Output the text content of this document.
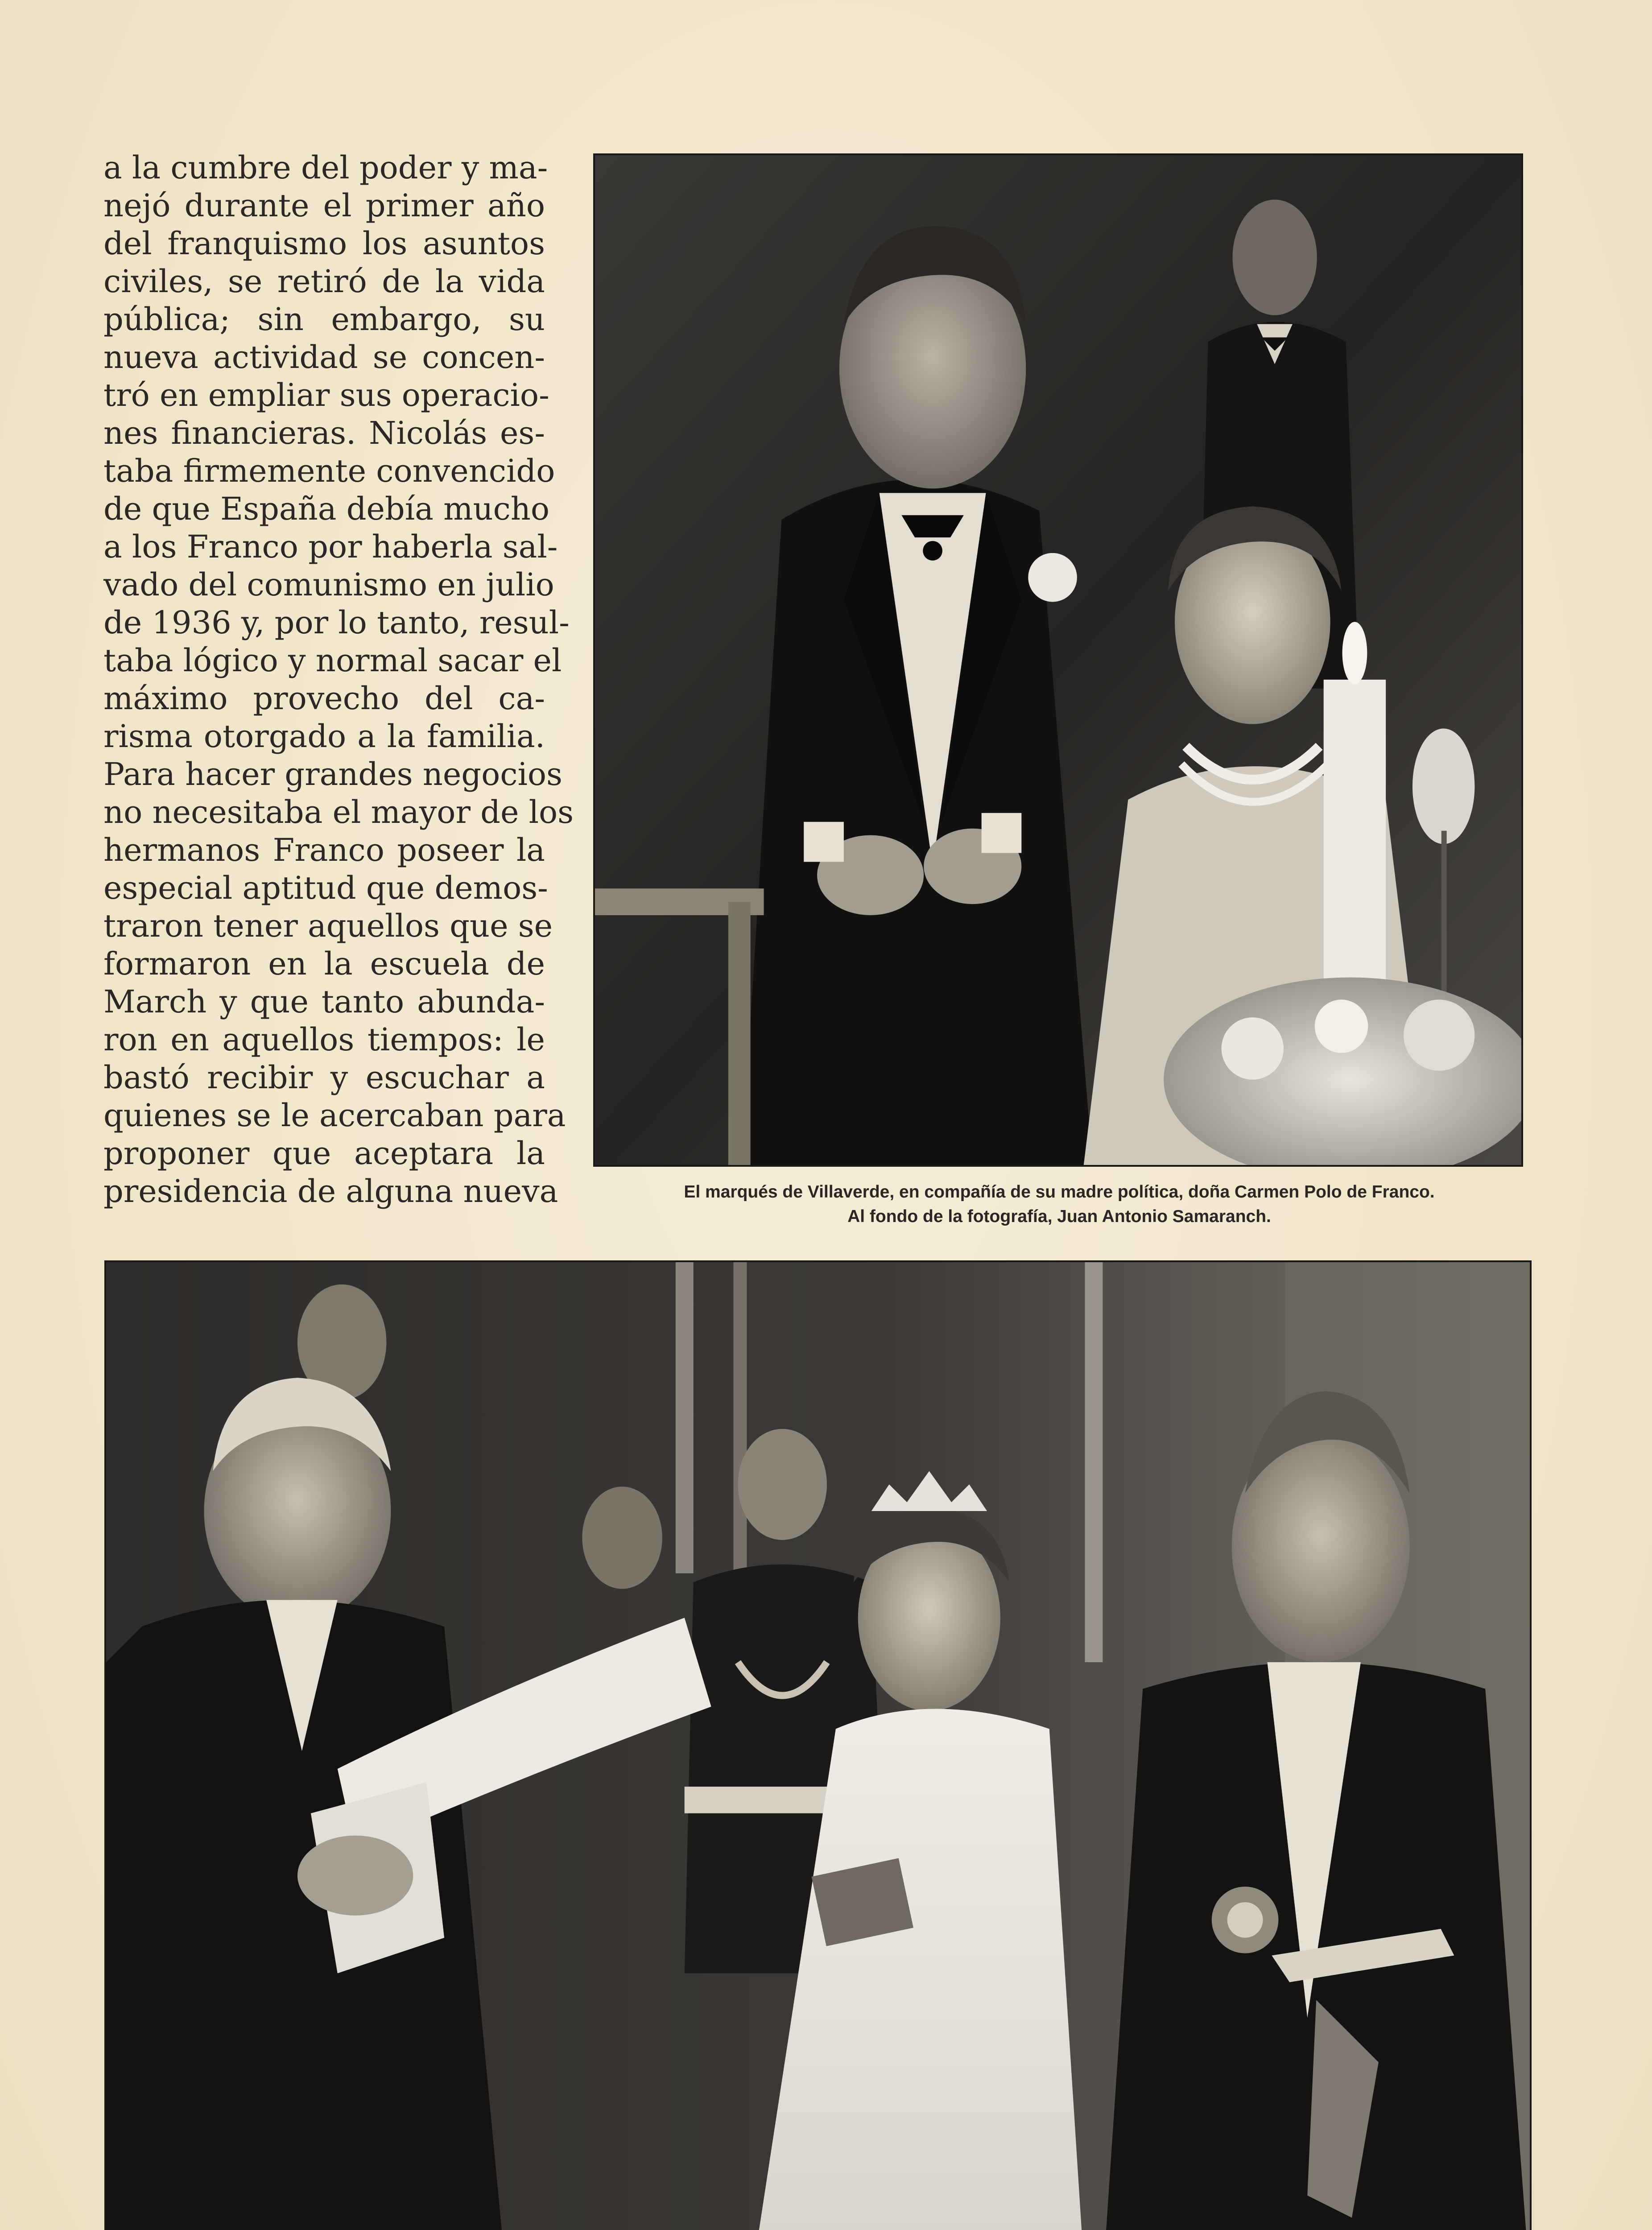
a la cumbre del poder y ma-
nejó durante el primer año
del franquismo los asuntos
civiles, se retiró de la vida
pública; sin embargo, su
nueva actividad se concen-
tró en empliar sus operacio-
nes financieras. Nicolás es-
taba firmemente convencido
de que España debía mucho
a los Franco por haberla sal-
vado del comunismo en julio
de 1936 y, por lo tanto, resul-
taba lógico y normal sacar el
máximo provecho del ca-
risma otorgado a la familia.
Para hacer grandes negocios
no necesitaba el mayor de los
hermanos Franco poseer la
especial aptitud que demos-
traron tener aquellos que se
formaron en la escuela de
March y que tanto abunda-
ron en aquellos tiempos: le
bastó recibir y escuchar a
quienes se le acercaban para
proponer que aceptara la
presidencia de alguna nueva	El marqués de Villaverde, en compañía de su madre política, doña Carmen Polo de Franco.
Al fondo de la fotografía, Juan Antonio Samaranch.
